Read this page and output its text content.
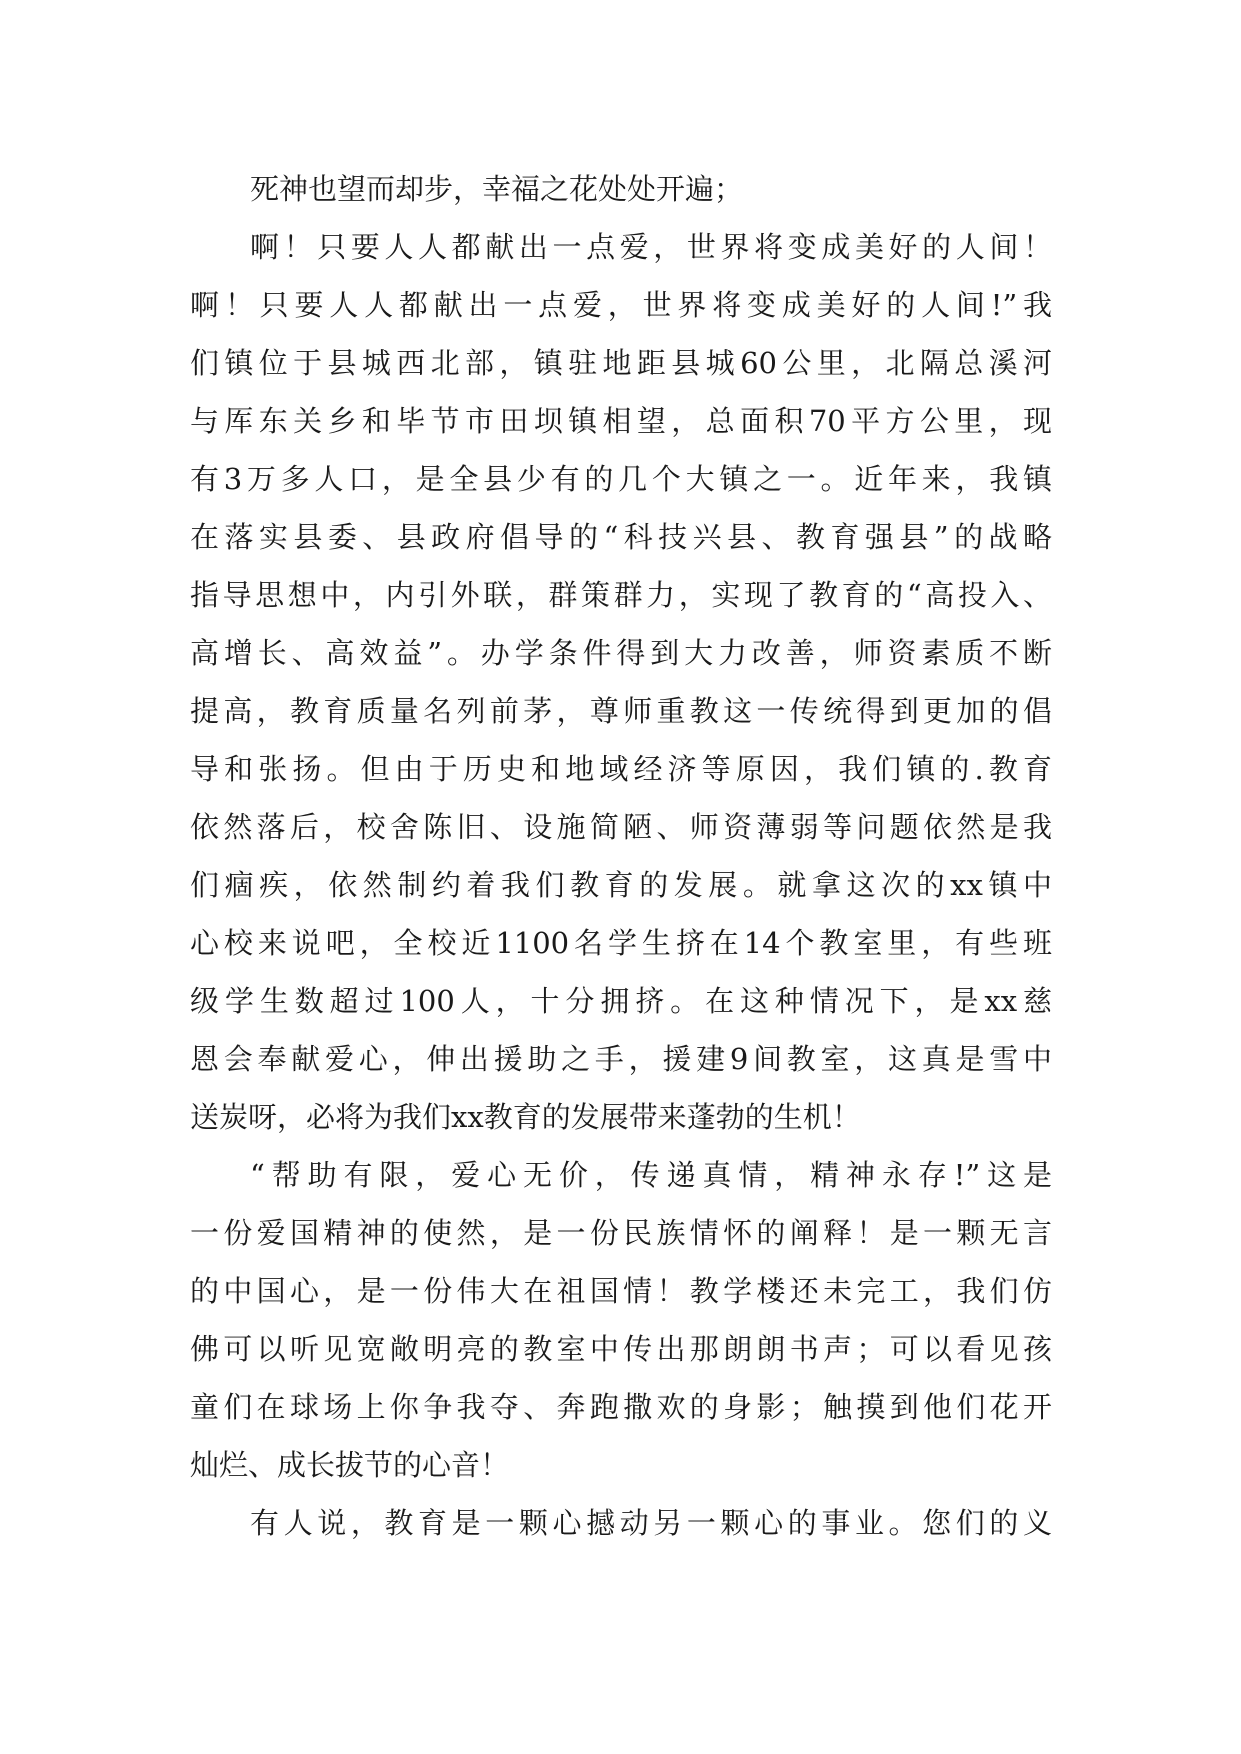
死神也望而却步，幸福之花处处开遍；
啊！只要人人都献出一点爱，世界将变成美好的人间！
啊！只要人人都献出一点爱，世界将变成美好的人间!”我
们镇位于县城西北部，镇驻地距县城60公里，北隔总溪河
与厍东关乡和毕节市田坝镇相望，总面积70平方公里，现
有3万多人口，是全县少有的几个大镇之一。近年来，我镇
在落实县委、县政府倡导的“科技兴县、教育强县”的战略
指导思想中，内引外联，群策群力，实现了教育的“高投入、
高增长、高效益”。办学条件得到大力改善，师资素质不断
提高，教育质量名列前茅，尊师重教这一传统得到更加的倡
导和张扬。但由于历史和地域经济等原因，我们镇的.教育
依然落后，校舍陈旧、设施简陋、师资薄弱等问题依然是我
们痼疾，依然制约着我们教育的发展。就拿这次的xx镇中
心校来说吧，全校近1100名学生挤在14个教室里，有些班
级学生数超过100人，十分拥挤。在这种情况下，是xx慈
恩会奉献爱心，伸出援助之手，援建9间教室，这真是雪中
送炭呀，必将为我们xx教育的发展带来蓬勃的生机！
“帮助有限，爱心无价，传递真情，精神永存!”这是
一份爱国精神的使然，是一份民族情怀的阐释！是一颗无言
的中国心，是一份伟大在祖国情！教学楼还未完工，我们仿
佛可以听见宽敞明亮的教室中传出那朗朗书声；可以看见孩
童们在球场上你争我夺、奔跑撒欢的身影；触摸到他们花开
灿烂、成长拔节的心音！
有人说，教育是一颗心撼动另一颗心的事业。您们的义
